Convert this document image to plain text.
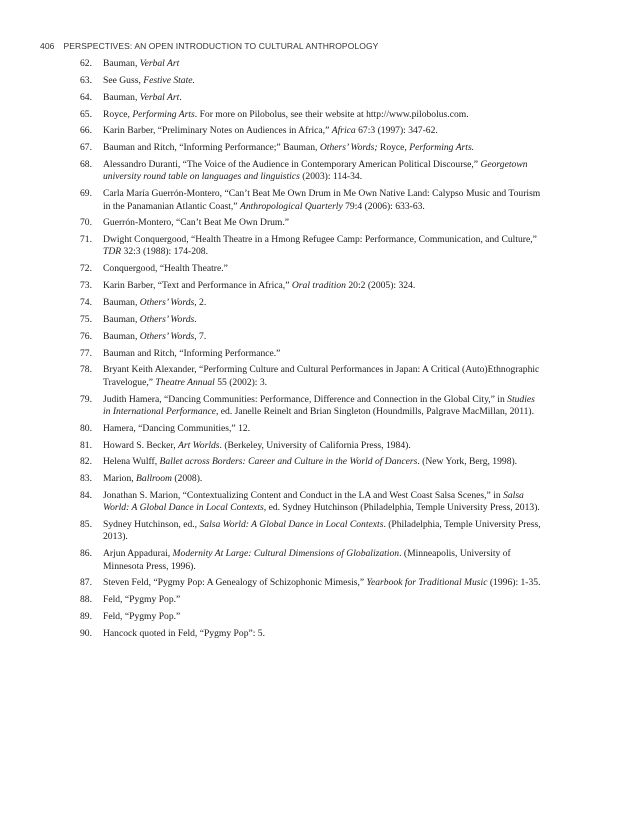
406 PERSPECTIVES: AN OPEN INTRODUCTION TO CULTURAL ANTHROPOLOGY
62. Bauman, Verbal Art
63. See Guss, Festive State.
64. Bauman, Verbal Art.
65. Royce, Performing Arts. For more on Pilobolus, see their website at http://www.pilobolus.com.
66. Karin Barber, “Preliminary Notes on Audiences in Africa,” Africa 67:3 (1997): 347-62.
67. Bauman and Ritch, “Informing Performance;” Bauman, Others’ Words; Royce, Performing Arts.
68. Alessandro Duranti, “The Voice of the Audience in Contemporary American Political Discourse,” Georgetown university round table on languages and linguistics (2003): 114-34.
69. Carla María Guerrón-Montero, “Can’t Beat Me Own Drum in Me Own Native Land: Calypso Music and Tourism in the Panamanian Atlantic Coast,” Anthropological Quarterly 79:4 (2006): 633-63.
70. Guerrón-Montero, “Can’t Beat Me Own Drum.”
71. Dwight Conquergood, “Health Theatre in a Hmong Refugee Camp: Performance, Communication, and Culture,” TDR 32:3 (1988): 174-208.
72. Conquergood, “Health Theatre.”
73. Karin Barber, “Text and Performance in Africa,” Oral tradition 20:2 (2005): 324.
74. Bauman, Others’ Words, 2.
75. Bauman, Others’ Words.
76. Bauman, Others’ Words, 7.
77. Bauman and Ritch, “Informing Performance.”
78. Bryant Keith Alexander, “Performing Culture and Cultural Performances in Japan: A Critical (Auto)Ethnographic Travelogue,” Theatre Annual 55 (2002): 3.
79. Judith Hamera, “Dancing Communities: Performance, Difference and Connection in the Global City,” in Studies in International Performance, ed. Janelle Reinelt and Brian Singleton (Houndmills, Palgrave MacMillan, 2011).
80. Hamera, “Dancing Communities,” 12.
81. Howard S. Becker, Art Worlds. (Berkeley, University of California Press, 1984).
82. Helena Wulff, Ballet across Borders: Career and Culture in the World of Dancers. (New York, Berg, 1998).
83. Marion, Ballroom (2008).
84. Jonathan S. Marion, “Contextualizing Content and Conduct in the LA and West Coast Salsa Scenes,” in Salsa World: A Global Dance in Local Contexts, ed. Sydney Hutchinson (Philadelphia, Temple University Press, 2013).
85. Sydney Hutchinson, ed., Salsa World: A Global Dance in Local Contexts. (Philadelphia, Temple University Press, 2013).
86. Arjun Appadurai, Modernity At Large: Cultural Dimensions of Globalization. (Minneapolis, University of Minnesota Press, 1996).
87. Steven Feld, “Pygmy Pop: A Genealogy of Schizophonic Mimesis,” Yearbook for Traditional Music (1996): 1-35.
88. Feld, “Pygmy Pop.”
89. Feld, “Pygmy Pop.”
90. Hancock quoted in Feld, “Pygmy Pop”: 5.
